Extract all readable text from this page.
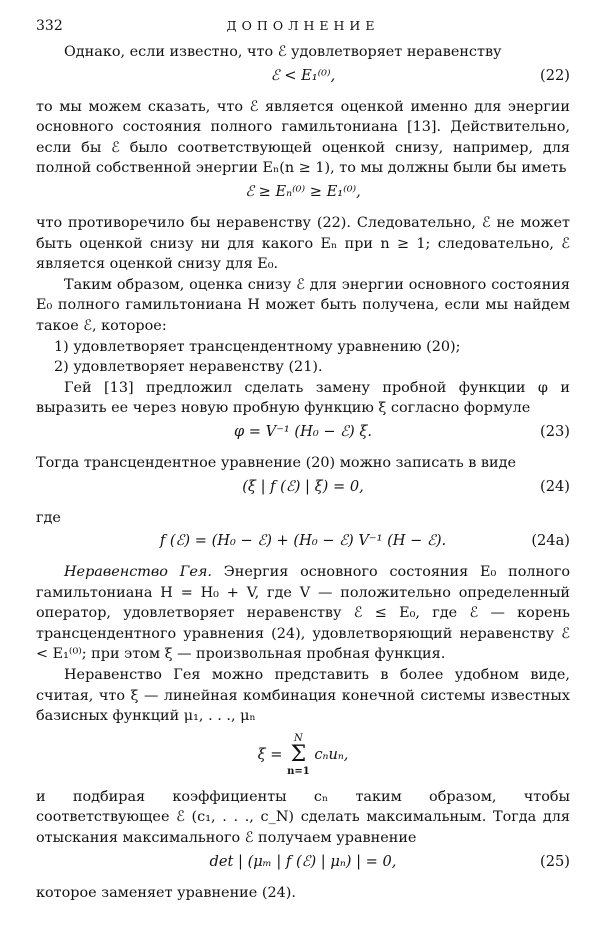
332	ДОПОЛНЕНИЕ

Однако, если известно, что ℰ удовлетворяет неравенству

ℰ < E₁⁽⁰⁾,	(22)

то мы можем сказать, что ℰ является оценкой именно для энергии основного состояния полного гамильтониана [13]. Действительно, если бы ℰ было соответствующей оценкой снизу, например, для полной собственной энергии Eₙ(n ≥ 1), то мы должны были бы иметь

ℰ ≥ Eₙ⁽⁰⁾ ≥ E₁⁽⁰⁾,

что противоречило бы неравенству (22). Следовательно, ℰ не может быть оценкой снизу ни для какого Eₙ при n ≥ 1; следовательно, ℰ является оценкой снизу для E₀.

Таким образом, оценка снизу ℰ для энергии основного состояния E₀ полного гамильтониана H может быть получена, если мы найдем такое ℰ, которое:

1) удовлетворяет трансцендентному уравнению (20);

2) удовлетворяет неравенству (21).

Гей [13] предложил сделать замену пробной функции φ и выразить ее через новую пробную функцию ξ согласно формуле

φ = V⁻¹ (H₀ − ℰ) ξ.	(23)

Тогда трансцендентное уравнение (20) можно записать в виде

(ξ | f (ℰ) | ξ) = 0,	(24)

где

f (ℰ) = (H₀ − ℰ) + (H₀ − ℰ) V⁻¹ (H − ℰ).	(24а)

Неравенство Гея. Энергия основного состояния E₀ полного гамильтониана H = H₀ + V, где V — положительно определенный оператор, удовлетворяет неравенству ℰ ≤ E₀, где ℰ — корень трансцендентного уравнения (24), удовлетворяющий неравенству ℰ < E₁⁽⁰⁾; при этом ξ — произвольная пробная функция.

Неравенство Гея можно представить в более удобном виде, считая, что ξ — линейная комбинация конечной системы известных базисных функций μ₁, . . ., μₙ

ξ =
N
Σ
n=1
cₙuₙ,

и подбирая коэффициенты cₙ таким образом, чтобы соответствующее ℰ (c₁, . . ., c_N) сделать максимальным. Тогда для отыскания максимального ℰ получаем уравнение

det | (μₘ | f (ℰ) | μₙ) | = 0,	(25)

которое заменяет уравнение (24).
